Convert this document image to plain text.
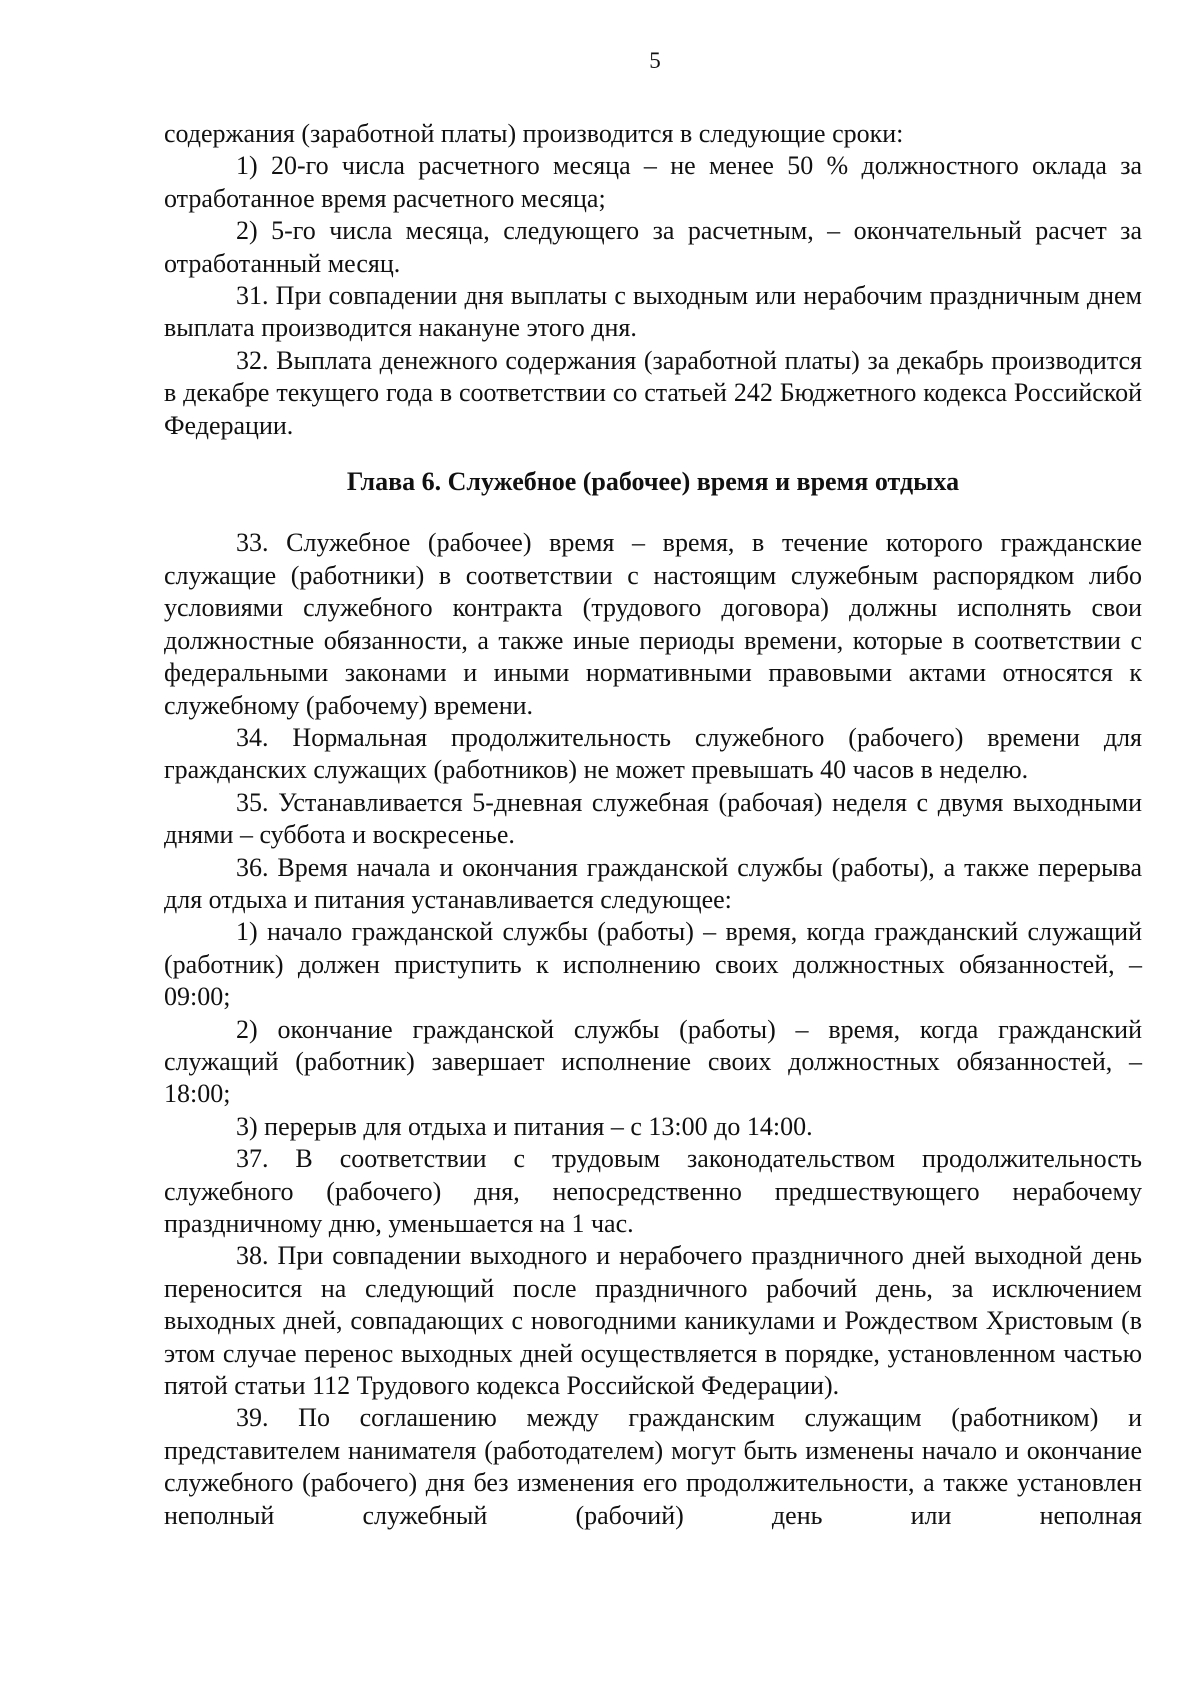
5

содержания (заработной платы) производится в следующие сроки:

1) 20-го числа расчетного месяца – не менее 50 % должностного оклада за отработанное время расчетного месяца;

2) 5-го числа месяца, следующего за расчетным, – окончательный расчет за отработанный месяц.

31. При совпадении дня выплаты с выходным или нерабочим праздничным днем выплата производится накануне этого дня.

32. Выплата денежного содержания (заработной платы) за декабрь производится в декабре текущего года в соответствии со статьей 242 Бюджетного кодекса Российской Федерации.

Глава 6. Служебное (рабочее) время и время отдыха

33. Служебное (рабочее) время – время, в течение которого гражданские служащие (работники) в соответствии с настоящим служебным распорядком либо условиями служебного контракта (трудового договора) должны исполнять свои должностные обязанности, а также иные периоды времени, которые в соответствии с федеральными законами и иными нормативными правовыми актами относятся к служебному (рабочему) времени.

34. Нормальная продолжительность служебного (рабочего) времени для гражданских служащих (работников) не может превышать 40 часов в неделю.

35. Устанавливается 5-дневная служебная (рабочая) неделя с двумя выходными днями – суббота и воскресенье.

36. Время начала и окончания гражданской службы (работы), а также перерыва для отдыха и питания устанавливается следующее:

1) начало гражданской службы (работы) – время, когда гражданский служащий (работник) должен приступить к исполнению своих должностных обязанностей, – 09:00;

2) окончание гражданской службы (работы) – время, когда гражданский служащий (работник) завершает исполнение своих должностных обязанностей, – 18:00;

3) перерыв для отдыха и питания – с 13:00 до 14:00.

37. В соответствии с трудовым законодательством продолжительность служебного (рабочего) дня, непосредственно предшествующего нерабочему праздничному дню, уменьшается на 1 час.

38. При совпадении выходного и нерабочего праздничного дней выходной день переносится на следующий после праздничного рабочий день, за исключением выходных дней, совпадающих с новогодними каникулами и Рождеством Христовым (в этом случае перенос выходных дней осуществляется в порядке, установленном частью пятой статьи 112 Трудового кодекса Российской Федерации).

39. По соглашению между гражданским служащим (работником) и представителем нанимателя (работодателем) могут быть изменены начало и окончание служебного (рабочего) дня без изменения его продолжительности, а также установлен неполный служебный (рабочий) день или неполная
